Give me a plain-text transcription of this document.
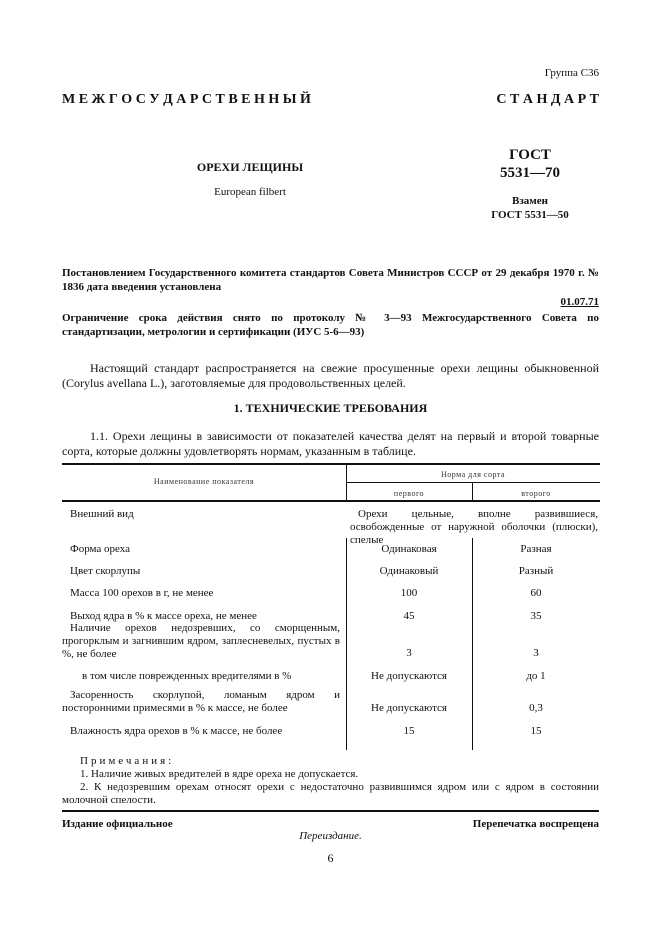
Группа С36
М Е Ж Г О С У Д А Р С Т В Е Н Н Ы Й	С Т А Н Д А Р Т
ОРЕХИ ЛЕЩИНЫ
European filbert
ГОСТ
5531—70
Взамен
ГОСТ 5531—50
Постановлением Государственного комитета стандартов Совета Министров СССР от 29 декабря 1970 г. № 1836 дата введения установлена
01.07.71
Ограничение срока действия снято по протоколу № 3—93 Межгосударственного Совета по стандартизации, метрологии и сертификации (ИУС 5-6—93)
Настоящий стандарт распространяется на свежие просушенные орехи лещины обыкновенной (Corylus avellana L.), заготовляемые для продовольственных целей.
1. ТЕХНИЧЕСКИЕ ТРЕБОВАНИЯ
1.1. Орехи лещины в зависимости от показателей качества делят на первый и второй товарные сорта, которые должны удовлетворять нормам, указанным в таблице.
Наименование показателя
Норма для сорта
первого	второго
Внешний вид	Орехи цельные, вполне развившиеся, освобожденные от наружной оболочки (плюски), спелые
Форма ореха	Одинаковая	Разная
Цвет скорлупы	Одинаковый	Разный
Масса 100 орехов в г, не менее	100	60
Выход ядра в % к массе ореха, не менее	45	35
Наличие орехов недозревших, со сморщенным, прогорклым и загнившим ядром, заплесневелых, пустых в %, не более	3	3
в том числе поврежденных вредителями в %	Не допускаются	до 1
Засоренность скорлупой, ломаным ядром и посторонними примесями в % к массе, не более	Не допускаются	0,3
Влажность ядра орехов в % к массе, не более	15	15
Примечания:
1. Наличие живых вредителей в ядре ореха не допускается.
2. К недозревшим орехам относят орехи с недостаточно развившимся ядром или с ядром в состоянии молочной спелости.
Издание официальное	Перепечатка воспрещена
Переиздание.
6
